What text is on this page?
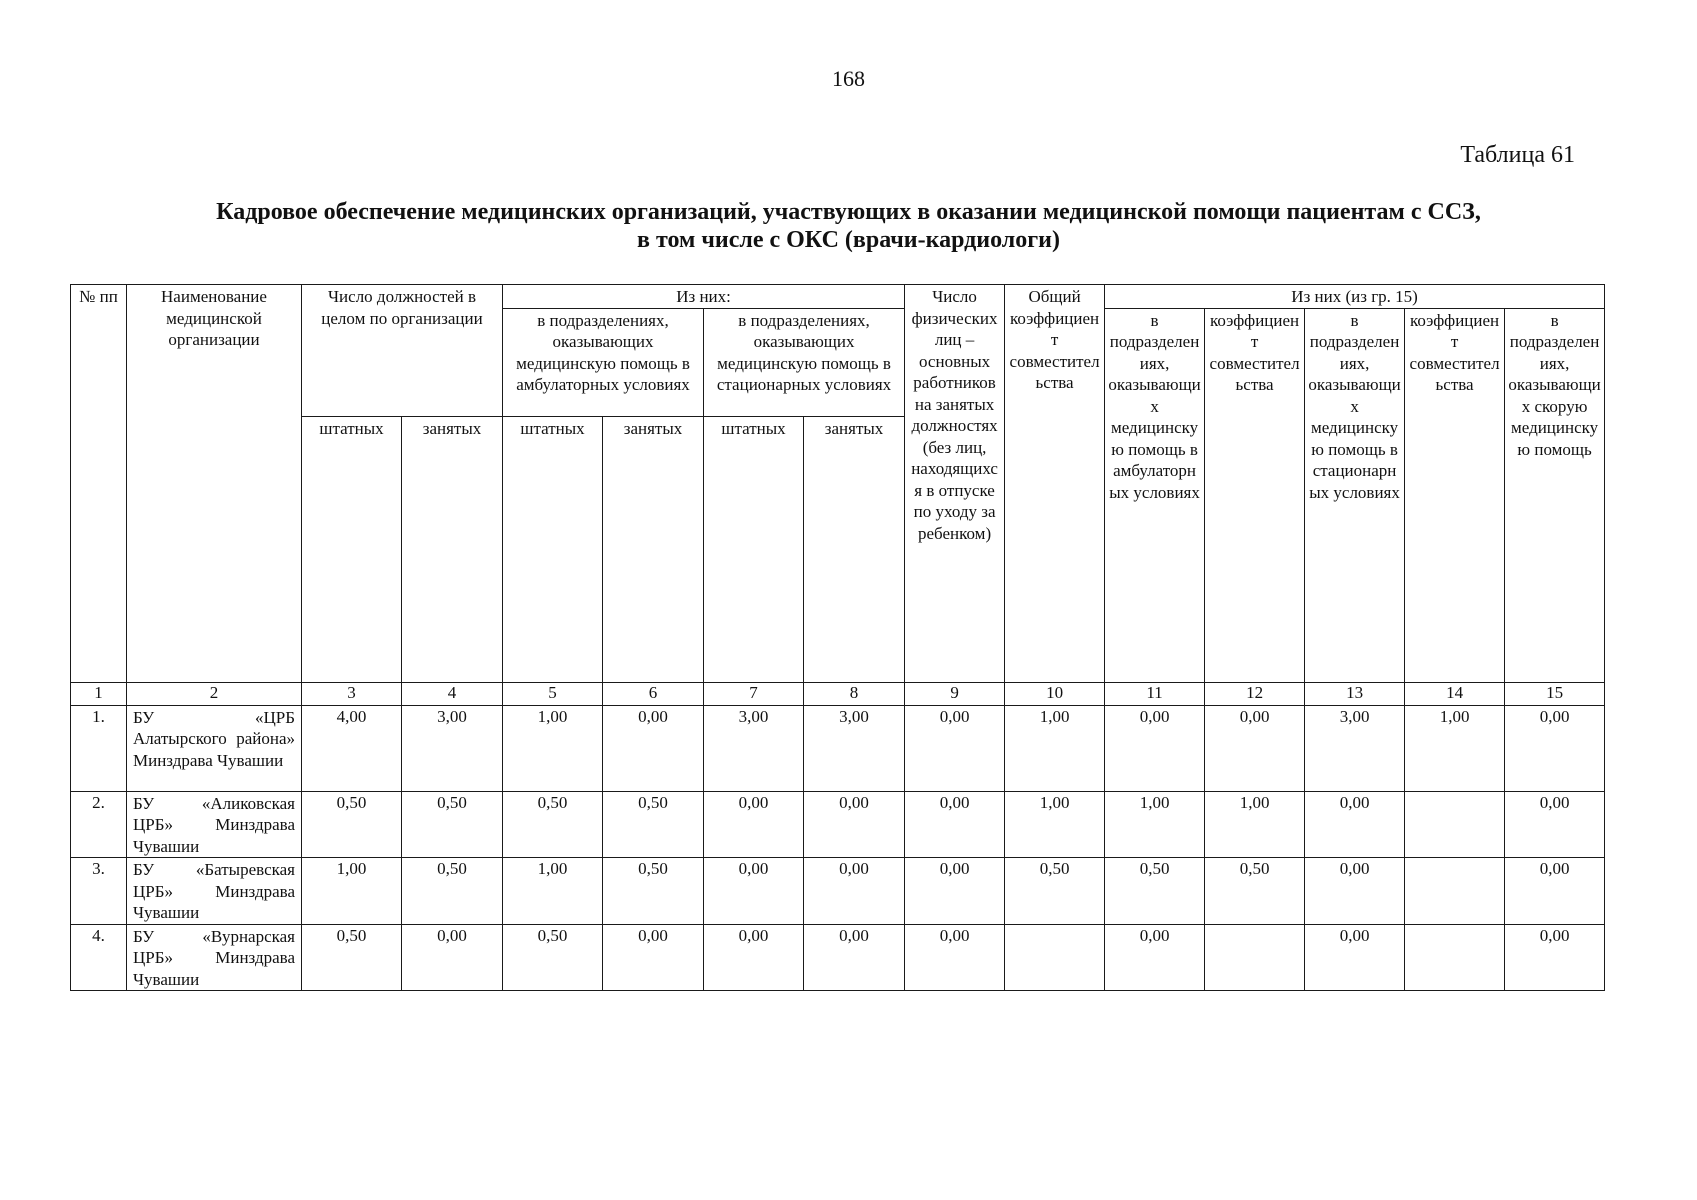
168
Таблица 61
Кадровое обеспечение медицинских организаций, участвующих в оказании медицинской помощи пациентам с ССЗ,
в том числе с ОКС (врачи-кардиологи)
№ пп	Наименование медицинской организации	Число должностей в целом по организации		Из них:				Число физических лиц – основных работников на занятых должностях (без лиц, находящихся в отпуске по уходу за ребенком)	Общий коэффициент совместительства	Из них (из гр. 15)				
				в подразделениях, оказывающих медицинскую помощь в амбулаторных условиях		в подразделениях, оказывающих медицинскую помощь в стационарных условиях				в подразделениях, оказывающих медицинскую помощь в амбулаторных условиях	коэффициент совместительства	в подразделениях, оказывающих медицинскую помощь в стационарных условиях	коэффициент совместительства	в подразделениях, оказывающих скорую медицинскую помощь
		штатных	занятых	штатных	занятых	штатных	занятых							
1	2	3	4	5	6	7	8	9	10	11	12	13	14	15
1.	БУ «ЦРБ Алатырского района» Минздрава Чувашии	4,00	3,00	1,00	0,00	3,00	3,00	0,00	1,00	0,00	0,00	3,00	1,00	0,00
2.	БУ «Аликовская ЦРБ» Минздрава Чувашии	0,50	0,50	0,50	0,50	0,00	0,00	0,00	1,00	1,00	1,00	0,00		0,00
3.	БУ «Батыревская ЦРБ» Минздрава Чувашии	1,00	0,50	1,00	0,50	0,00	0,00	0,00	0,50	0,50	0,50	0,00		0,00
4.	БУ «Вурнарская ЦРБ» Минздрава Чувашии	0,50	0,00	0,50	0,00	0,00	0,00	0,00		0,00		0,00		0,00
